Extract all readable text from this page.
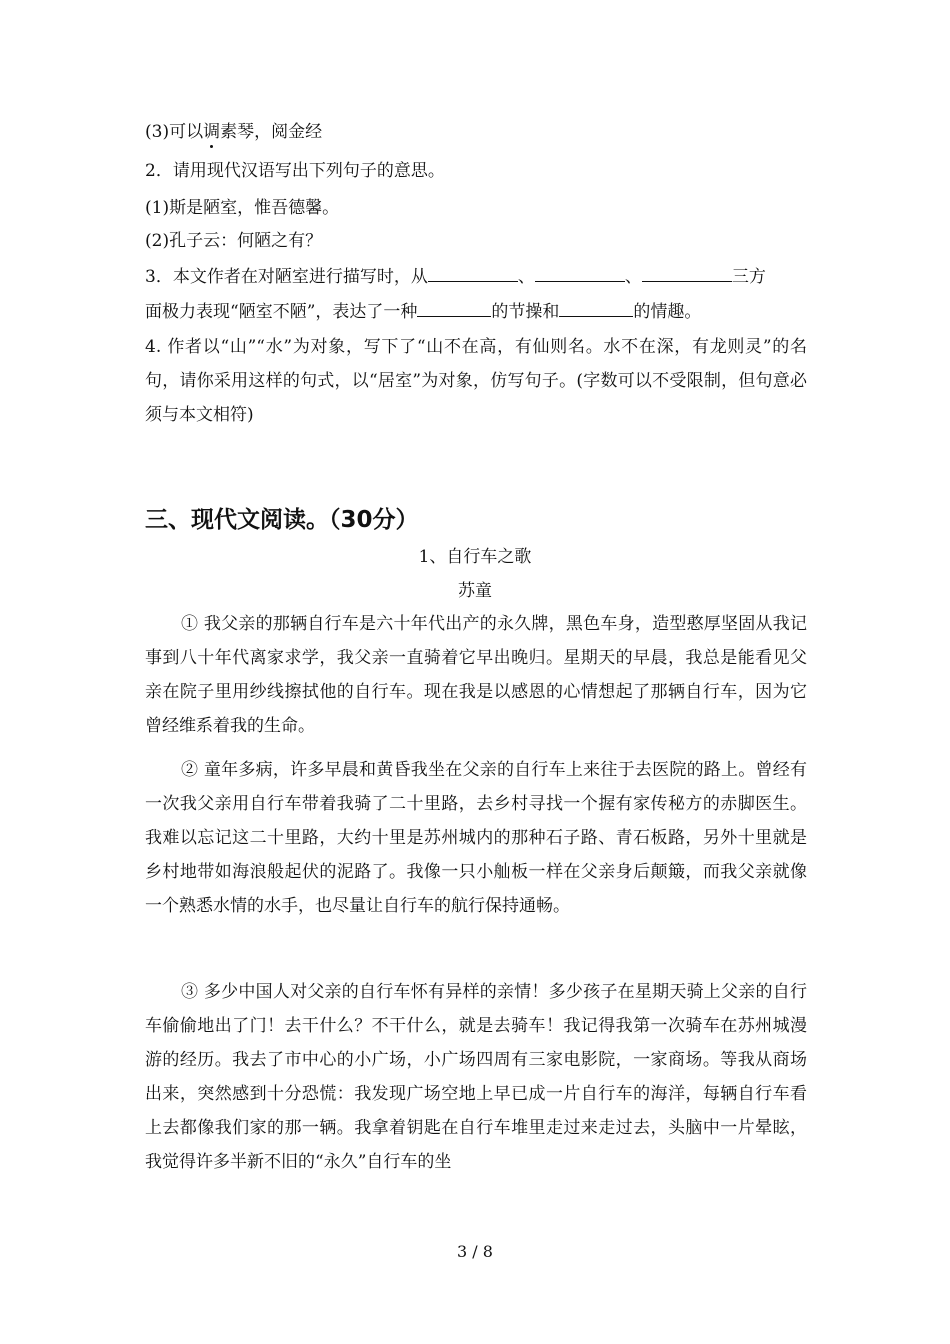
(3)可以调素琴，阅金经
2．请用现代汉语写出下列句子的意思。
(1)斯是陋室，惟吾德馨。
(2)孔子云：何陋之有？
3．本文作者在对陋室进行描写时，从	、	、	三方
面极力表现“陋室不陋”，表达了一种	的节操和	的情趣。

4. 作者以“山”“水”为对象，写下了“山不在高，有仙则名。水不在深，有龙则灵”的名句，请你采用这样的句式，以“居室”为对象，仿写句子。(字数可以不受限制，但句意必须与本文相符)

三、现代文阅读。（30分）
1、自行车之歌
苏童

① 我父亲的那辆自行车是六十年代出产的永久牌，黑色车身，造型憨厚坚固从我记事到八十年代离家求学，我父亲一直骑着它早出晚归。星期天的早晨，我总是能看见父亲在院子里用纱线擦拭他的自行车。现在我是以感恩的心情想起了那辆自行车，因为它曾经维系着我的生命。

② 童年多病，许多早晨和黄昏我坐在父亲的自行车上来往于去医院的路上。曾经有一次我父亲用自行车带着我骑了二十里路，去乡村寻找一个握有家传秘方的赤脚医生。我难以忘记这二十里路，大约十里是苏州城内的那种石子路、青石板路，另外十里就是乡村地带如海浪般起伏的泥路了。我像一只小舢板一样在父亲身后颠簸，而我父亲就像一个熟悉水情的水手，也尽量让自行车的航行保持通畅。

③ 多少中国人对父亲的自行车怀有异样的亲情！多少孩子在星期天骑上父亲的自行车偷偷地出了门！去干什么？不干什么，就是去骑车！我记得我第一次骑车在苏州城漫游的经历。我去了市中心的小广场，小广场四周有三家电影院，一家商场。等我从商场出来，突然感到十分恐慌：我发现广场空地上早已成一片自行车的海洋，每辆自行车看上去都像我们家的那一辆。我拿着钥匙在自行车堆里走过来走过去，头脑中一片晕眩，我觉得许多半新不旧的“永久”自行车的坐

3 / 8
